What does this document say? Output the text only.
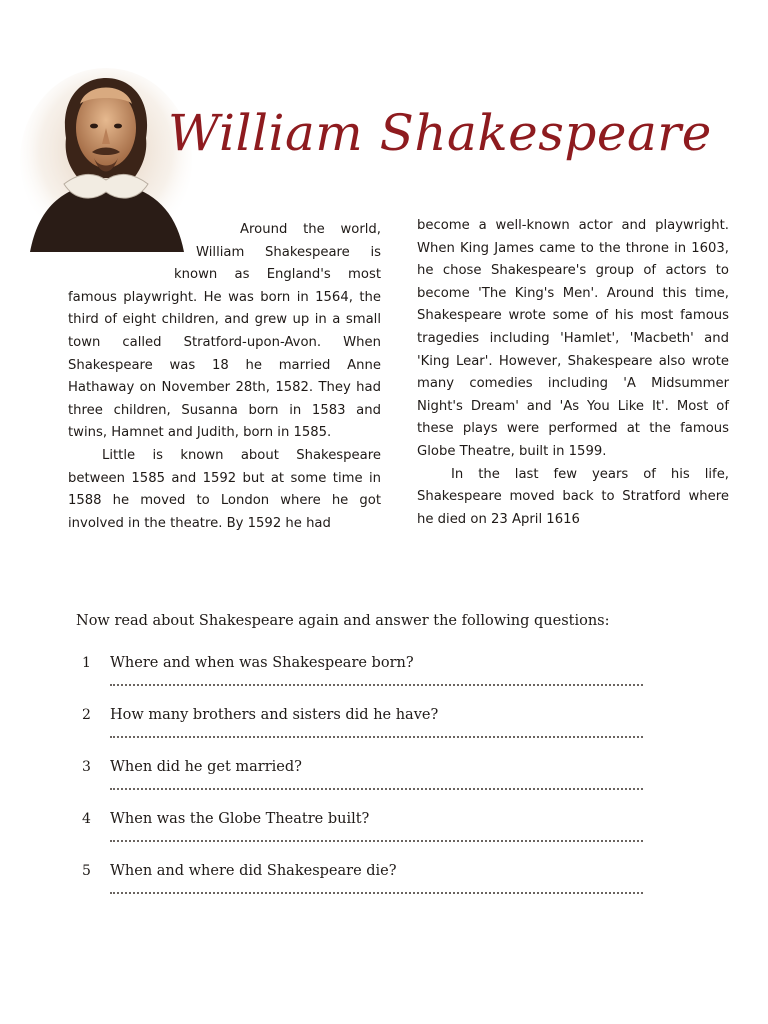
William Shakespeare

Around the world, William Shakespeare is known as England's most famous playwright. He was born in 1564, the third of eight children, and grew up in a small town called Stratford-upon-Avon. When Shakespeare was 18 he married Anne Hathaway on November 28th, 1582. They had three children, Susanna born in 1583 and twins, Hamnet and Judith, born in 1585.

Little is known about Shakespeare between 1585 and 1592 but at some time in 1588 he moved to London where he got involved in the theatre. By 1592 he had

become a well-known actor and playwright. When King James came to the throne in 1603, he chose Shakespeare's group of actors to become 'The King's Men'. Around this time, Shakespeare wrote some of his most famous tragedies including 'Hamlet', 'Macbeth' and 'King Lear'. However, Shakespeare also wrote many comedies including 'A Midsummer Night's Dream' and 'As You Like It'. Most of these plays were performed at the famous Globe Theatre, built in 1599.

In the last few years of his life, Shakespeare moved back to Stratford where he died on 23 April 1616

Now read about Shakespeare again and answer the following questions:
1	Where and when was Shakespeare born?
2	How many brothers and sisters did he have?
3	When did he get married?
4	When was the Globe Theatre built?
5	When and where did Shakespeare die?
